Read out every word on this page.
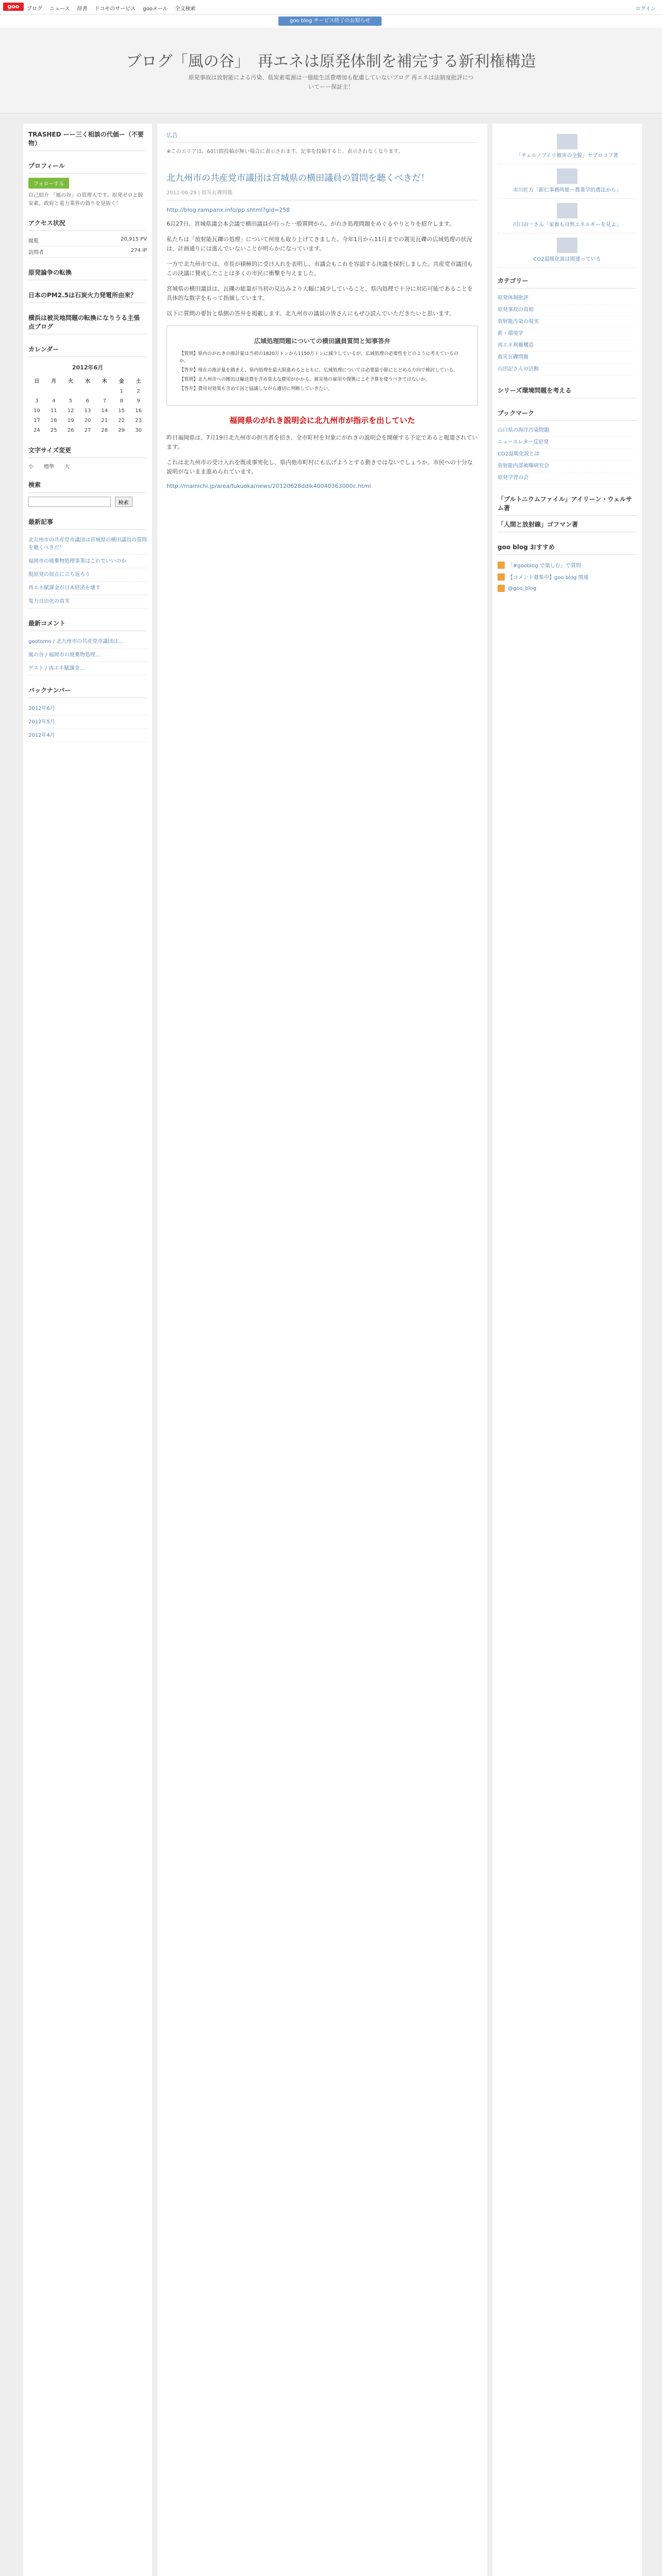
goo	ブログ ニュース 辞書 ドコモのサービス gooメール 全文検索	ログイン
goo blog サービス終了のお知らせ
ブログ「風の谷」　再エネは原発体制を補完する新利権構造
原発事故は放射能による汚染、低炭素電源は一億総生活費増加も配慮していないブログ 再エネは法制度批評についてーー保証主！
TRASHED ーー三く相談の代価ー（不要物）
プロフィール
フォローする
自己紹介 「風の谷」の管理人です。原発ゼロと脱炭素。政府と電力業界の偽りを見抜く！
アクセス状況
閲覧	20,915 PV
訪問者	274 IP
原発論争の転換
日本のPM2.5は石炭火力発電所由来？
横浜は被災地問題の転換になりうる主張 点ブログ
カレンダー
2012年6月						
日	月	火	水	木	金	土
					1	2
3	4	5	6	7	8	9
10	11	12	13	14	15	16
17	18	19	20	21	22	23
24	25	26	27	28	29	30
文字サイズ変更
小 標準 大
検索
検索
最新記事
北九州市の共産党市議団は宮城県の横田議員の質問を聴くべきだ！
福岡市の廃棄物処理事業はこれでいいのか
脱原発の原点に立ち返ろう
再エネ賦課金が日本経済を壊す
電力自由化の真実
最新コメント
gootomo / 北九州市の共産党市議団は…
風の谷 / 福岡市の廃棄物処理…
ゲスト / 再エネ賦課金…
バックナンバー
2012年6月
2012年5月
2012年4月
広告
※このエリアは、60日間投稿が無い場合に表示されます。記事を投稿すると、表示されなくなります。
北九州市の共産党市議団は宮城県の横田議員の質問を聴くべきだ！
2012-06-29 | 震災瓦礫問題
http://blog.rampanx.info/pp.shtml?gid=258

6月27日、宮城県議会本会議で横田議員が行った一般質問から、がれき処理問題をめぐるやりとりを紹介します。

私たちは「放射能瓦礫の処理」について何度も取り上げてきました。今年1月から11月までの震災瓦礫の広域処理の状況は、計画通りには進んでいないことが明らかになっています。

一方で北九州市では、市長が積極的に受け入れを表明し、市議会もこれを容認する決議を採択しました。共産党市議団もこの決議に賛成したことは多くの市民に衝撃を与えました。

宮城県の横田議員は、瓦礫の総量が当初の見込みより大幅に減少していること、県内処理で十分に対応可能であることを具体的な数字をもって指摘しています。

以下に質問の要旨と県側の答弁を掲載します。北九州市の議員の皆さんにもぜひ読んでいただきたいと思います。

広域処理問題についての横田議員質問と知事答弁
【質問】県内のがれきの推計量は当初の1820万トンから1150万トンに減少しているが、広域処理の必要性をどのように考えているのか。
【答弁】現在の推計量を踏まえ、県内処理を最大限進めるとともに、広域処理については必要最小限にとどめる方向で検討している。
【質問】北九州市への搬出は輸送費を含め莫大な費用がかかる。被災地の雇用や復興にこそ予算を使うべきではないか。
【答弁】費用対効果も含めて国と協議しながら適切に判断していきたい。
福岡県のがれき説明会に北九州市が指示を出していた

昨日福岡県は、7月19日北九州市の担当者を招き、全市町村を対象にがれきの説明会を開催する予定であると報道されています。

これは北九州市の受け入れを既成事実化し、県内他市町村にも広げようとする動きではないでしょうか。市民への十分な説明がないまま進められています。

http://mainichi.jp/area/fukuoka/news/20120628ddlk40040363000c.html
「チェルノブイリ被害の全貌」ヤブロコフ著
市川匠方「新仁事務所総ー農業学的農法から」
川口由一さん「家畜も自然エネルギーを見よ」
CO2温暖化説は間違っている
カテゴリー
原発体制批評
原発事故の真相
放射能汚染の現実
新・環境学
再エネ利権構造
震災瓦礫問題
山田記さんの活動
シリーズ環境問題を考える
ブックマーク
山口県の海洋汚染問題
ニュースレター反原発
CO2温暖化説とは
放射能内部被曝研究会
原発学習の会
「プルトニウムファイル」アイリーン・ウェルサム著
「人間と放射線」ゴフマン著
goo blog おすすめ
「#gooblog で楽しむ」で質問
【コメント募集中】goo blog 関連
@goo_blog
